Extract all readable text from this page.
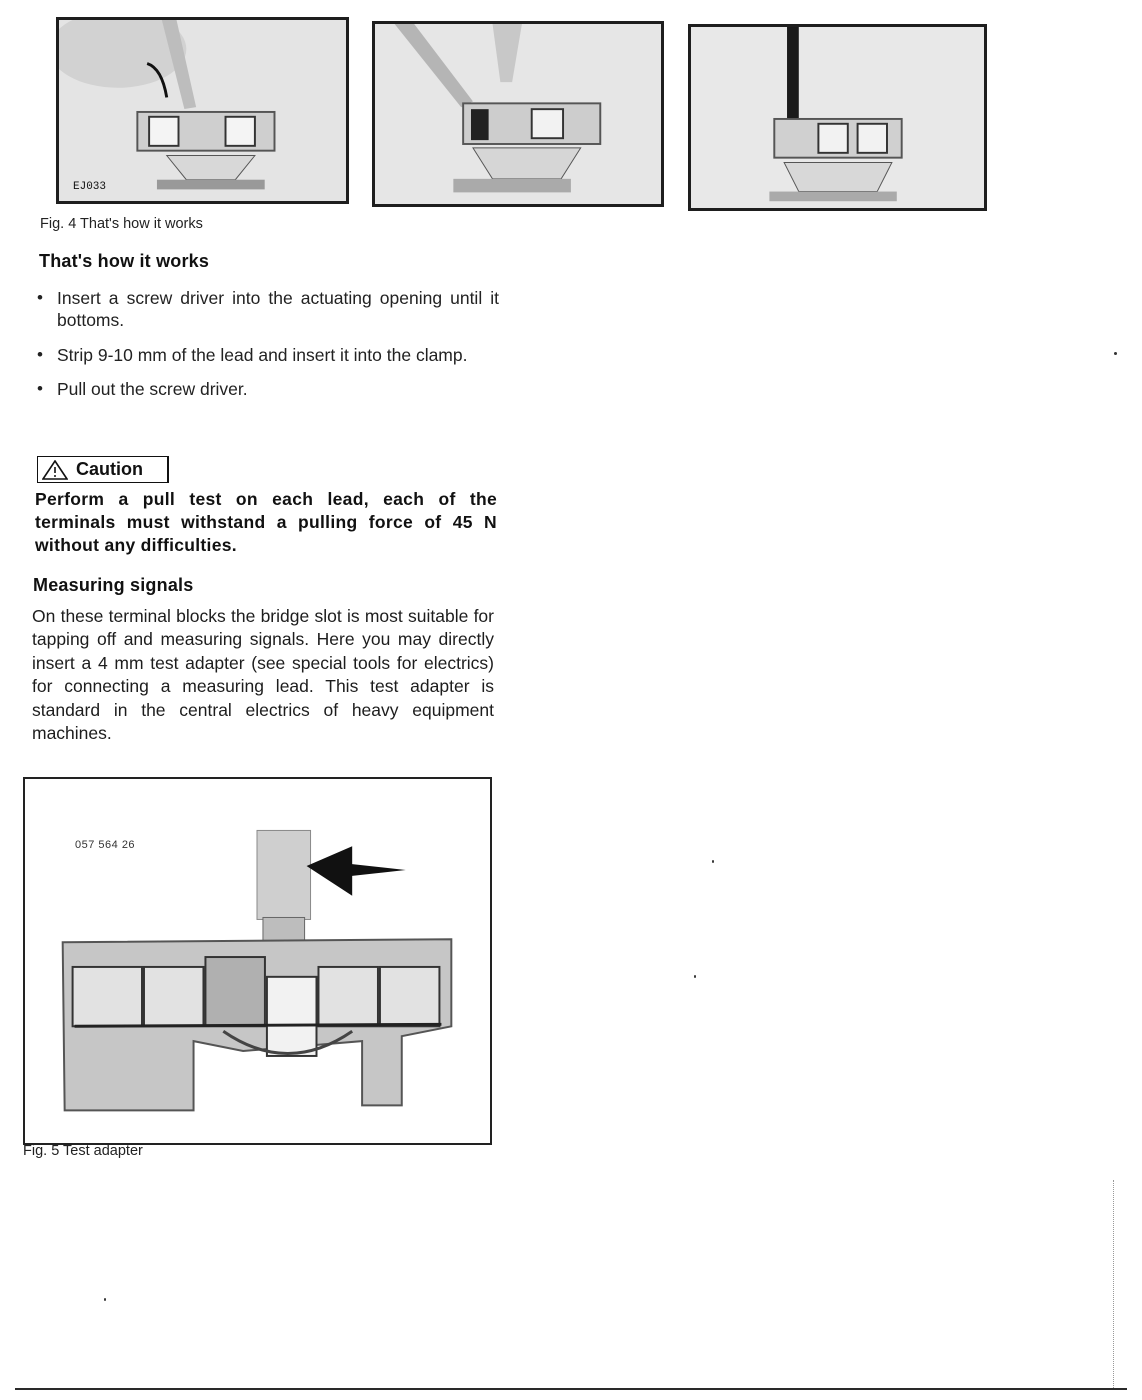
EJ033
Fig. 4 That's how it works
That's how it works
• Insert a screw driver into the actuating opening until it bottoms.
• Strip 9-10 mm of the lead and insert it into the clamp.
• Pull out the screw driver.
Caution
Perform a pull test on each lead, each of the terminals must withstand a pulling force of 45 N without any difficulties.
Measuring signals
On these terminal blocks the bridge slot is most suitable for tapping off and measuring signals. Here you may directly insert a 4 mm test adapter (see special tools for electrics) for connecting a measuring lead. This test adapter is standard in the central electrics of heavy equipment machines.
057 564 26
Fig. 5 Test adapter
